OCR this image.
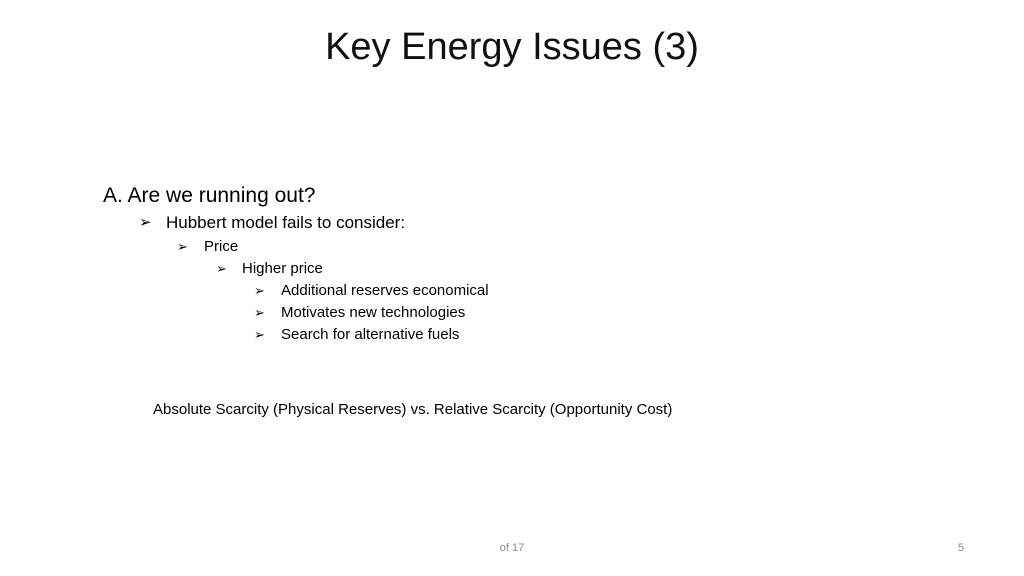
Key Energy Issues (3)
A. Are we running out?
➢ Hubbert model fails to consider:
➢ Price
➢ Higher price
➢ Additional reserves economical
➢ Motivates new technologies
➢ Search for alternative fuels
Absolute Scarcity (Physical Reserves) vs. Relative Scarcity (Opportunity Cost)
of 17	5
